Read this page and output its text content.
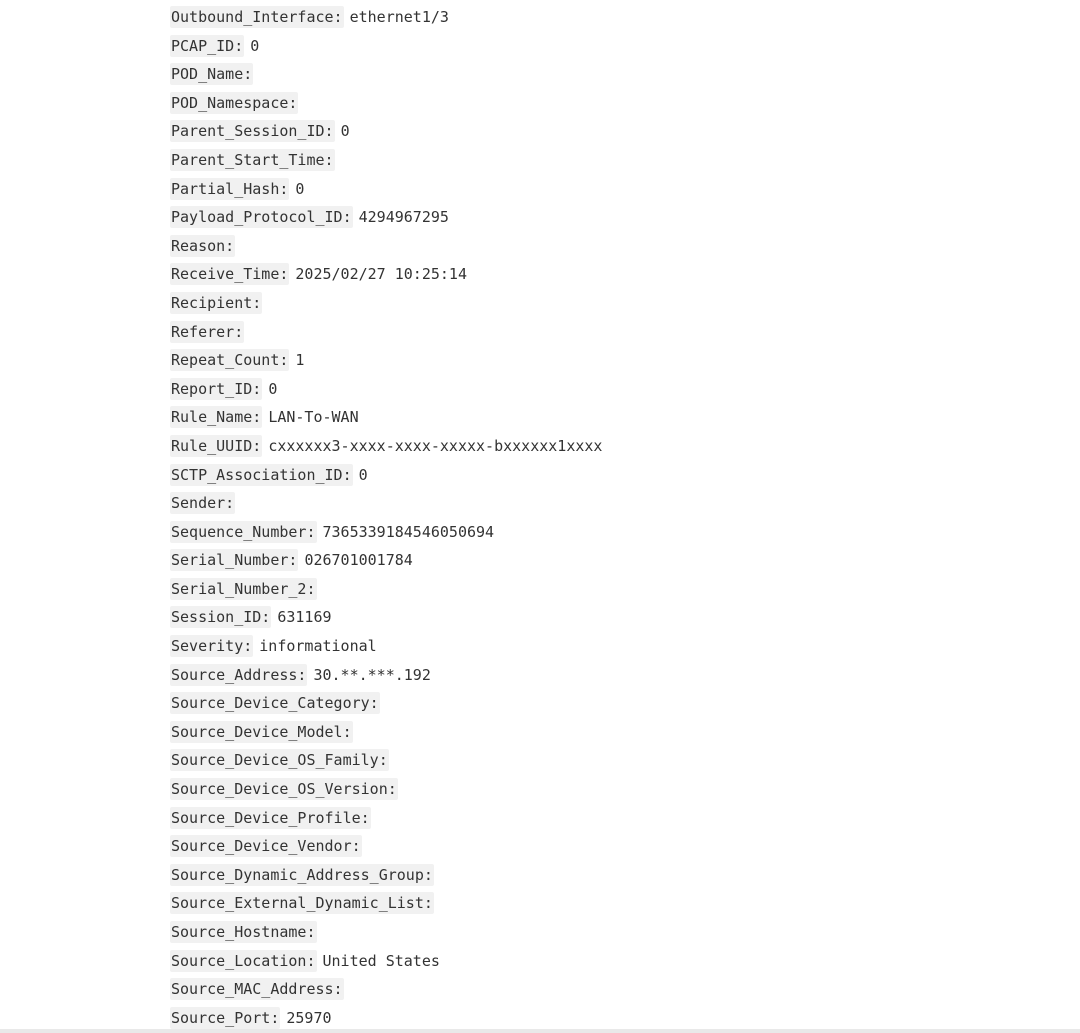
Outbound_Interface: ethernet1/3
PCAP_ID: 0
POD_Name:
POD_Namespace:
Parent_Session_ID: 0
Parent_Start_Time:
Partial_Hash: 0
Payload_Protocol_ID: 4294967295
Reason:
Receive_Time: 2025/02/27 10:25:14
Recipient:
Referer:
Repeat_Count: 1
Report_ID: 0
Rule_Name: LAN-To-WAN
Rule_UUID: cxxxxxx3-xxxx-xxxx-xxxxx-bxxxxxx1xxxx
SCTP_Association_ID: 0
Sender:
Sequence_Number: 7365339184546050694
Serial_Number: 026701001784
Serial_Number_2:
Session_ID: 631169
Severity: informational
Source_Address: 30.**.***.192
Source_Device_Category:
Source_Device_Model:
Source_Device_OS_Family:
Source_Device_OS_Version:
Source_Device_Profile:
Source_Device_Vendor:
Source_Dynamic_Address_Group:
Source_External_Dynamic_List:
Source_Hostname:
Source_Location: United States
Source_MAC_Address:
Source_Port: 25970
